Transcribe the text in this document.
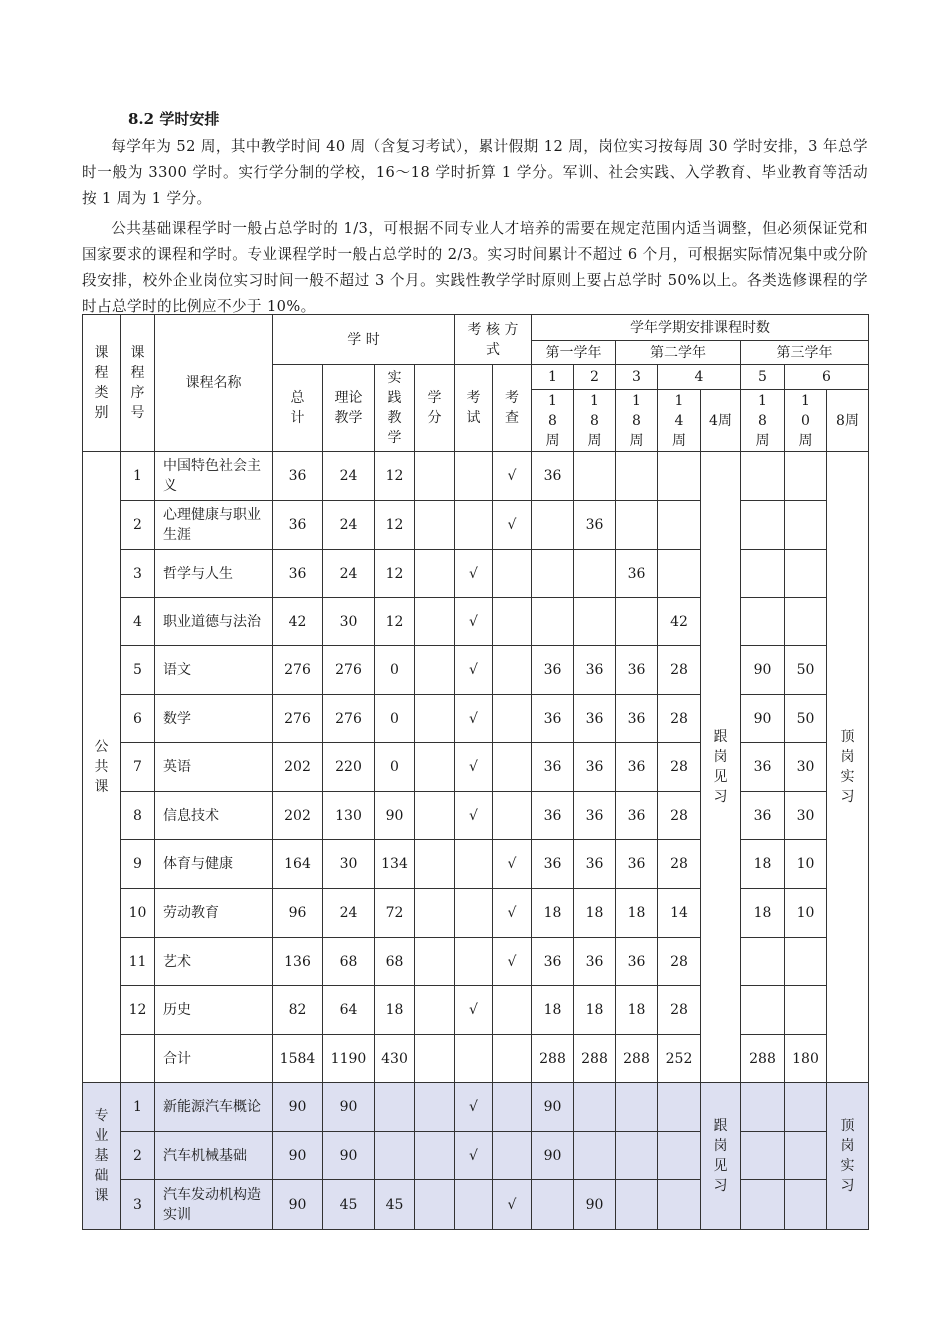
8.2 学时安排
每学年为 52 周，其中教学时间 40 周（含复习考试），累计假期 12 周，岗位实习按每周 30 学时安排，3 年总学时一般为 3300 学时。实行学分制的学校，16～18 学时折算 1 学分。军训、社会实践、入学教育、毕业教育等活动按 1 周为 1 学分。
公共基础课程学时一般占总学时的 1/3，可根据不同专业人才培养的需要在规定范围内适当调整，但必须保证党和国家要求的课程和学时。专业课程学时一般占总学时的 2/3。实习时间累计不超过 6 个月，可根据实际情况集中或分阶段安排，校外企业岗位实习时间一般不超过 3 个月。实践性教学学时原则上要占总学时 50%以上。各类选修课程的学时占总学时的比例应不少于 10%。
课程类别	课程序号	课程名称	学 时				考 核 方 式		学年学期安排课程时数							
									第一学年		第二学年			第三学年		
			总计	理论教学	实践教学	学分	考试	考查	1	2	3	4		5	6	
									18周	18周	18周	14周	4周	18周	10周	8周
公共课	1	中国特色社会主义	36	24	12			√	36				跟岗见习			顶岗实习
	2	心理健康与职业生涯	36	24	12			√		36						
	3	哲学与人生	36	24	12		√				36					
	4	职业道德与法治	42	30	12		√					42				
	5	语文	276	276	0		√		36	36	36	28		90	50	
	6	数学	276	276	0		√		36	36	36	28		90	50	
	7	英语	202	220	0		√		36	36	36	28		36	30	
	8	信息技术	202	130	90		√		36	36	36	28		36	30	
	9	体育与健康	164	30	134			√	36	36	36	28		18	10	
	10	劳动教育	96	24	72			√	18	18	18	14		18	10	
	11	艺术	136	68	68			√	36	36	36	28				
	12	历史	82	64	18		√		18	18	18	28				
		合计	1584	1190	430				288	288	288	252		288	180	
专业基础课	1	新能源汽车概论	90	90			√		90				跟岗见习			顶岗实习
	2	汽车机械基础	90	90			√		90							
	3	汽车发动机构造实训	90	45	45			√		90						
